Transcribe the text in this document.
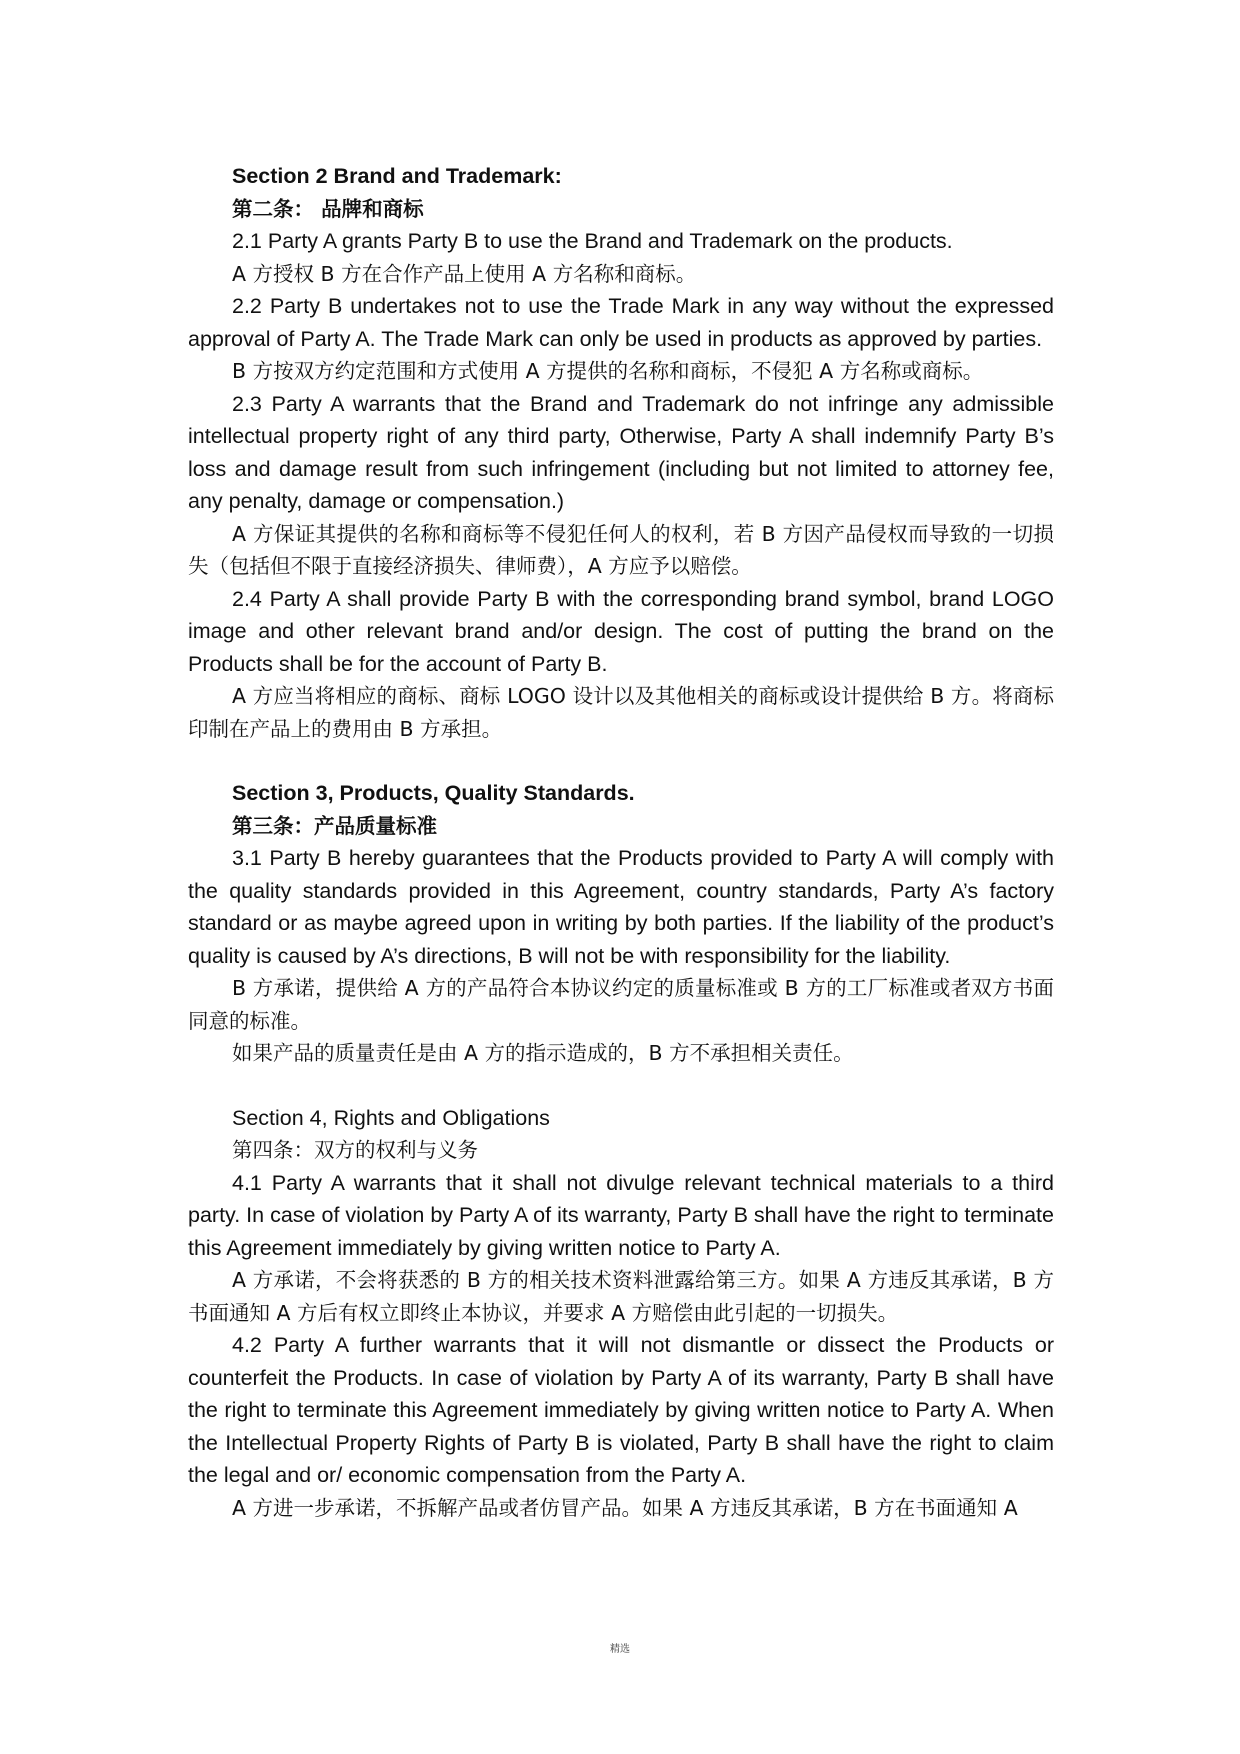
Section 2 Brand and Trademark:

第二条： 品牌和商标

2.1 Party A grants Party B to use the Brand and Trademark on the products.

A 方授权 B 方在合作产品上使用 A 方名称和商标。

2.2 Party B undertakes not to use the Trade Mark in any way without the expressed approval of Party A. The Trade Mark can only be used in products as approved by parties.

B 方按双方约定范围和方式使用 A 方提供的名称和商标，不侵犯 A 方名称或商标。

2.3 Party A warrants that the Brand and Trademark do not infringe any admissible intellectual property right of any third party, Otherwise, Party A shall indemnify Party B’s loss and damage result from such infringement (including but not limited to attorney fee, any penalty, damage or compensation.)

A 方保证其提供的名称和商标等不侵犯任何人的权利，若 B 方因产品侵权而导致的一切损失（包括但不限于直接经济损失、律师费），A 方应予以赔偿。

2.4 Party A shall provide Party B with the corresponding brand symbol, brand LOGO image and other relevant brand and/or design. The cost of putting the brand on the Products shall be for the account of Party B.

A 方应当将相应的商标、商标 LOGO 设计以及其他相关的商标或设计提供给 B 方。将商标印制在产品上的费用由 B 方承担。

Section 3, Products, Quality Standards.

第三条：产品质量标准

3.1 Party B hereby guarantees that the Products provided to Party A will comply with the quality standards provided in this Agreement, country standards, Party A’s factory standard or as maybe agreed upon in writing by both parties. If the liability of the product’s quality is caused by A’s directions, B will not be with responsibility for the liability.

B 方承诺，提供给 A 方的产品符合本协议约定的质量标准或 B 方的工厂标准或者双方书面同意的标准。

如果产品的质量责任是由 A 方的指示造成的，B 方不承担相关责任。

Section 4, Rights and Obligations

第四条：双方的权利与义务

4.1 Party A warrants that it shall not divulge relevant technical materials to a third party. In case of violation by Party A of its warranty, Party B shall have the right to terminate this Agreement immediately by giving written notice to Party A.

A 方承诺，不会将获悉的 B 方的相关技术资料泄露给第三方。如果 A 方违反其承诺，B 方书面通知 A 方后有权立即终止本协议，并要求 A 方赔偿由此引起的一切损失。

4.2 Party A further warrants that it will not dismantle or dissect the Products or counterfeit the Products. In case of violation by Party A of its warranty, Party B shall have the right to terminate this Agreement immediately by giving written notice to Party A. When the Intellectual Property Rights of Party B is violated, Party B shall have the right to claim the legal and or/ economic compensation from the Party A.

A 方进一步承诺，不拆解产品或者仿冒产品。如果 A 方违反其承诺，B 方在书面通知 A

精选
